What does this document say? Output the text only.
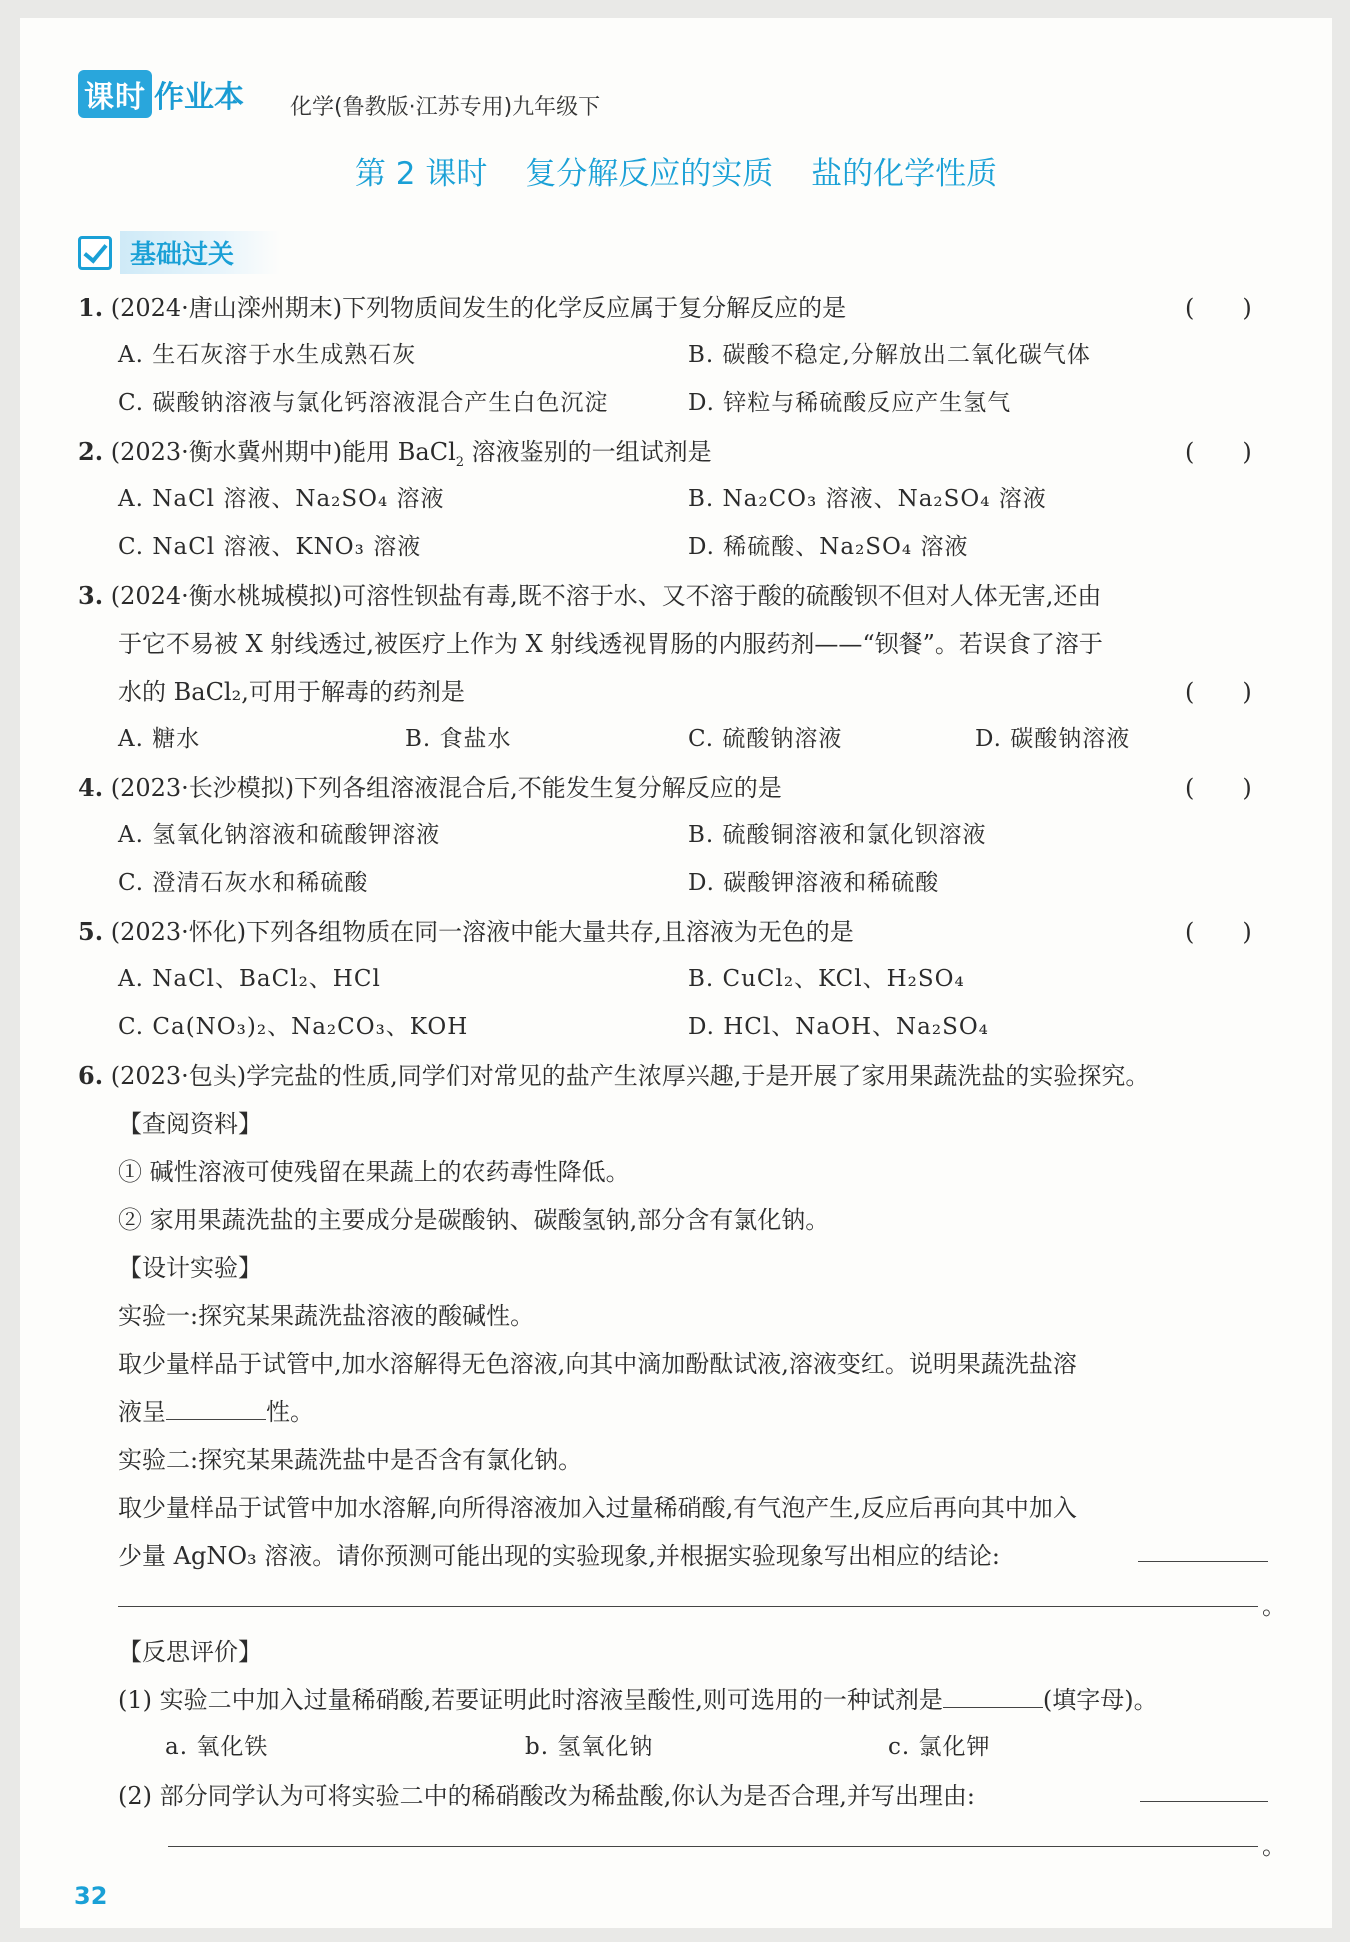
课时 作业本 化学(鲁教版·江苏专用)九年级下
第 2 课时 复分解反应的实质 盐的化学性质
基础过关
1. (2024·唐山滦州期末)下列物质间发生的化学反应属于复分解反应的是	(　　)
A. 生石灰溶于水生成熟石灰	B. 碳酸不稳定,分解放出二氧化碳气体
C. 碳酸钠溶液与氯化钙溶液混合产生白色沉淀	D. 锌粒与稀硫酸反应产生氢气
2. (2023·衡水冀州期中)能用 BaCl$_2$ 溶液鉴别的一组试剂是	(　　)
A. NaCl 溶液、Na₂SO₄ 溶液	B. Na₂CO₃ 溶液、Na₂SO₄ 溶液
C. NaCl 溶液、KNO₃ 溶液	D. 稀硫酸、Na₂SO₄ 溶液
3. (2024·衡水桃城模拟)可溶性钡盐有毒,既不溶于水、又不溶于酸的硫酸钡不但对人体无害,还由
于它不易被 X 射线透过,被医疗上作为 X 射线透视胃肠的内服药剂——“钡餐”。若误食了溶于
水的 BaCl₂,可用于解毒的药剂是	(　　)
A. 糖水	B. 食盐水	C. 硫酸钠溶液	D. 碳酸钠溶液
4. (2023·长沙模拟)下列各组溶液混合后,不能发生复分解反应的是	(　　)
A. 氢氧化钠溶液和硫酸钾溶液	B. 硫酸铜溶液和氯化钡溶液
C. 澄清石灰水和稀硫酸	D. 碳酸钾溶液和稀硫酸
5. (2023·怀化)下列各组物质在同一溶液中能大量共存,且溶液为无色的是	(　　)
A. NaCl、BaCl₂、HCl	B. CuCl₂、KCl、H₂SO₄
C. Ca(NO₃)₂、Na₂CO₃、KOH	D. HCl、NaOH、Na₂SO₄
6. (2023·包头)学完盐的性质,同学们对常见的盐产生浓厚兴趣,于是开展了家用果蔬洗盐的实验探究。
【查阅资料】
① 碱性溶液可使残留在果蔬上的农药毒性降低。
② 家用果蔬洗盐的主要成分是碳酸钠、碳酸氢钠,部分含有氯化钠。
【设计实验】
实验一:探究某果蔬洗盐溶液的酸碱性。
取少量样品于试管中,加水溶解得无色溶液,向其中滴加酚酞试液,溶液变红。说明果蔬洗盐溶
液呈	性。
实验二:探究某果蔬洗盐中是否含有氯化钠。
取少量样品于试管中加水溶解,向所得溶液加入过量稀硝酸,有气泡产生,反应后再向其中加入
少量 AgNO₃ 溶液。请你预测可能出现的实验现象,并根据实验现象写出相应的结论:
。
【反思评价】
(1) 实验二中加入过量稀硝酸,若要证明此时溶液呈酸性,则可选用的一种试剂是	(填字母)。
a. 氧化铁	b. 氢氧化钠	c. 氯化钾
(2) 部分同学认为可将实验二中的稀硝酸改为稀盐酸,你认为是否合理,并写出理由:
。
32
